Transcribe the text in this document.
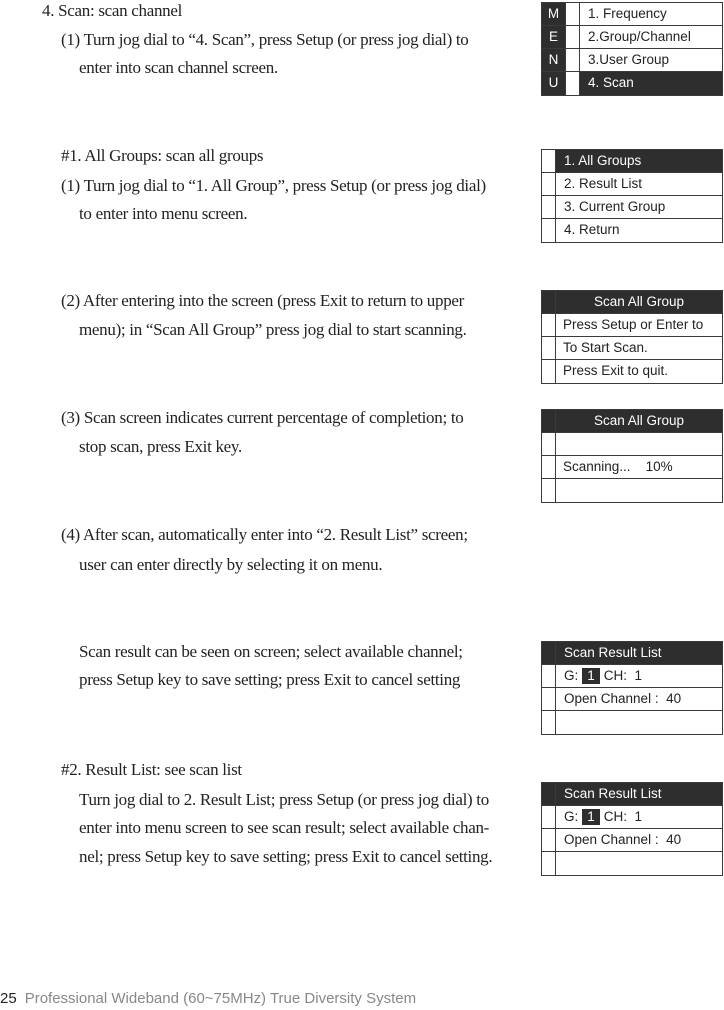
4. Scan: scan channel
(1) Turn jog dial to “4. Scan”, press Setup (or press jog dial) to
enter into scan channel screen.
#1. All Groups: scan all groups
(1) Turn jog dial to “1. All Group”, press Setup (or press jog dial)
to enter into menu screen.
(2) After entering into the screen (press Exit to return to upper
menu); in “Scan All Group” press jog dial to start scanning.
(3) Scan screen indicates current percentage of completion; to
stop scan, press Exit key.
(4) After scan, automatically enter into “2. Result List” screen;
user can enter directly by selecting it on menu.
Scan result can be seen on screen; select available channel;
press Setup key to save setting; press Exit to cancel setting
#2. Result List: see scan list
Turn jog dial to 2. Result List; press Setup (or press jog dial) to
enter into menu screen to see scan result; select available chan-
nel; press Setup key to save setting; press Exit to cancel setting.
M	1. Frequency
E	2.Group/Channel
N	3.User Group
U	4. Scan
1. All Groups
2. Result List
3. Current Group
4. Return
Scan All Group
Press Setup or Enter to
To Start Scan.
Press Exit to quit.
Scan All Group
Scanning... 10%
Scan Result List
G: 1 CH: 1
Open Channel : 40
Scan Result List
G: 1 CH: 1
Open Channel : 40
25 Professional Wideband (60~75MHz) True Diversity System
